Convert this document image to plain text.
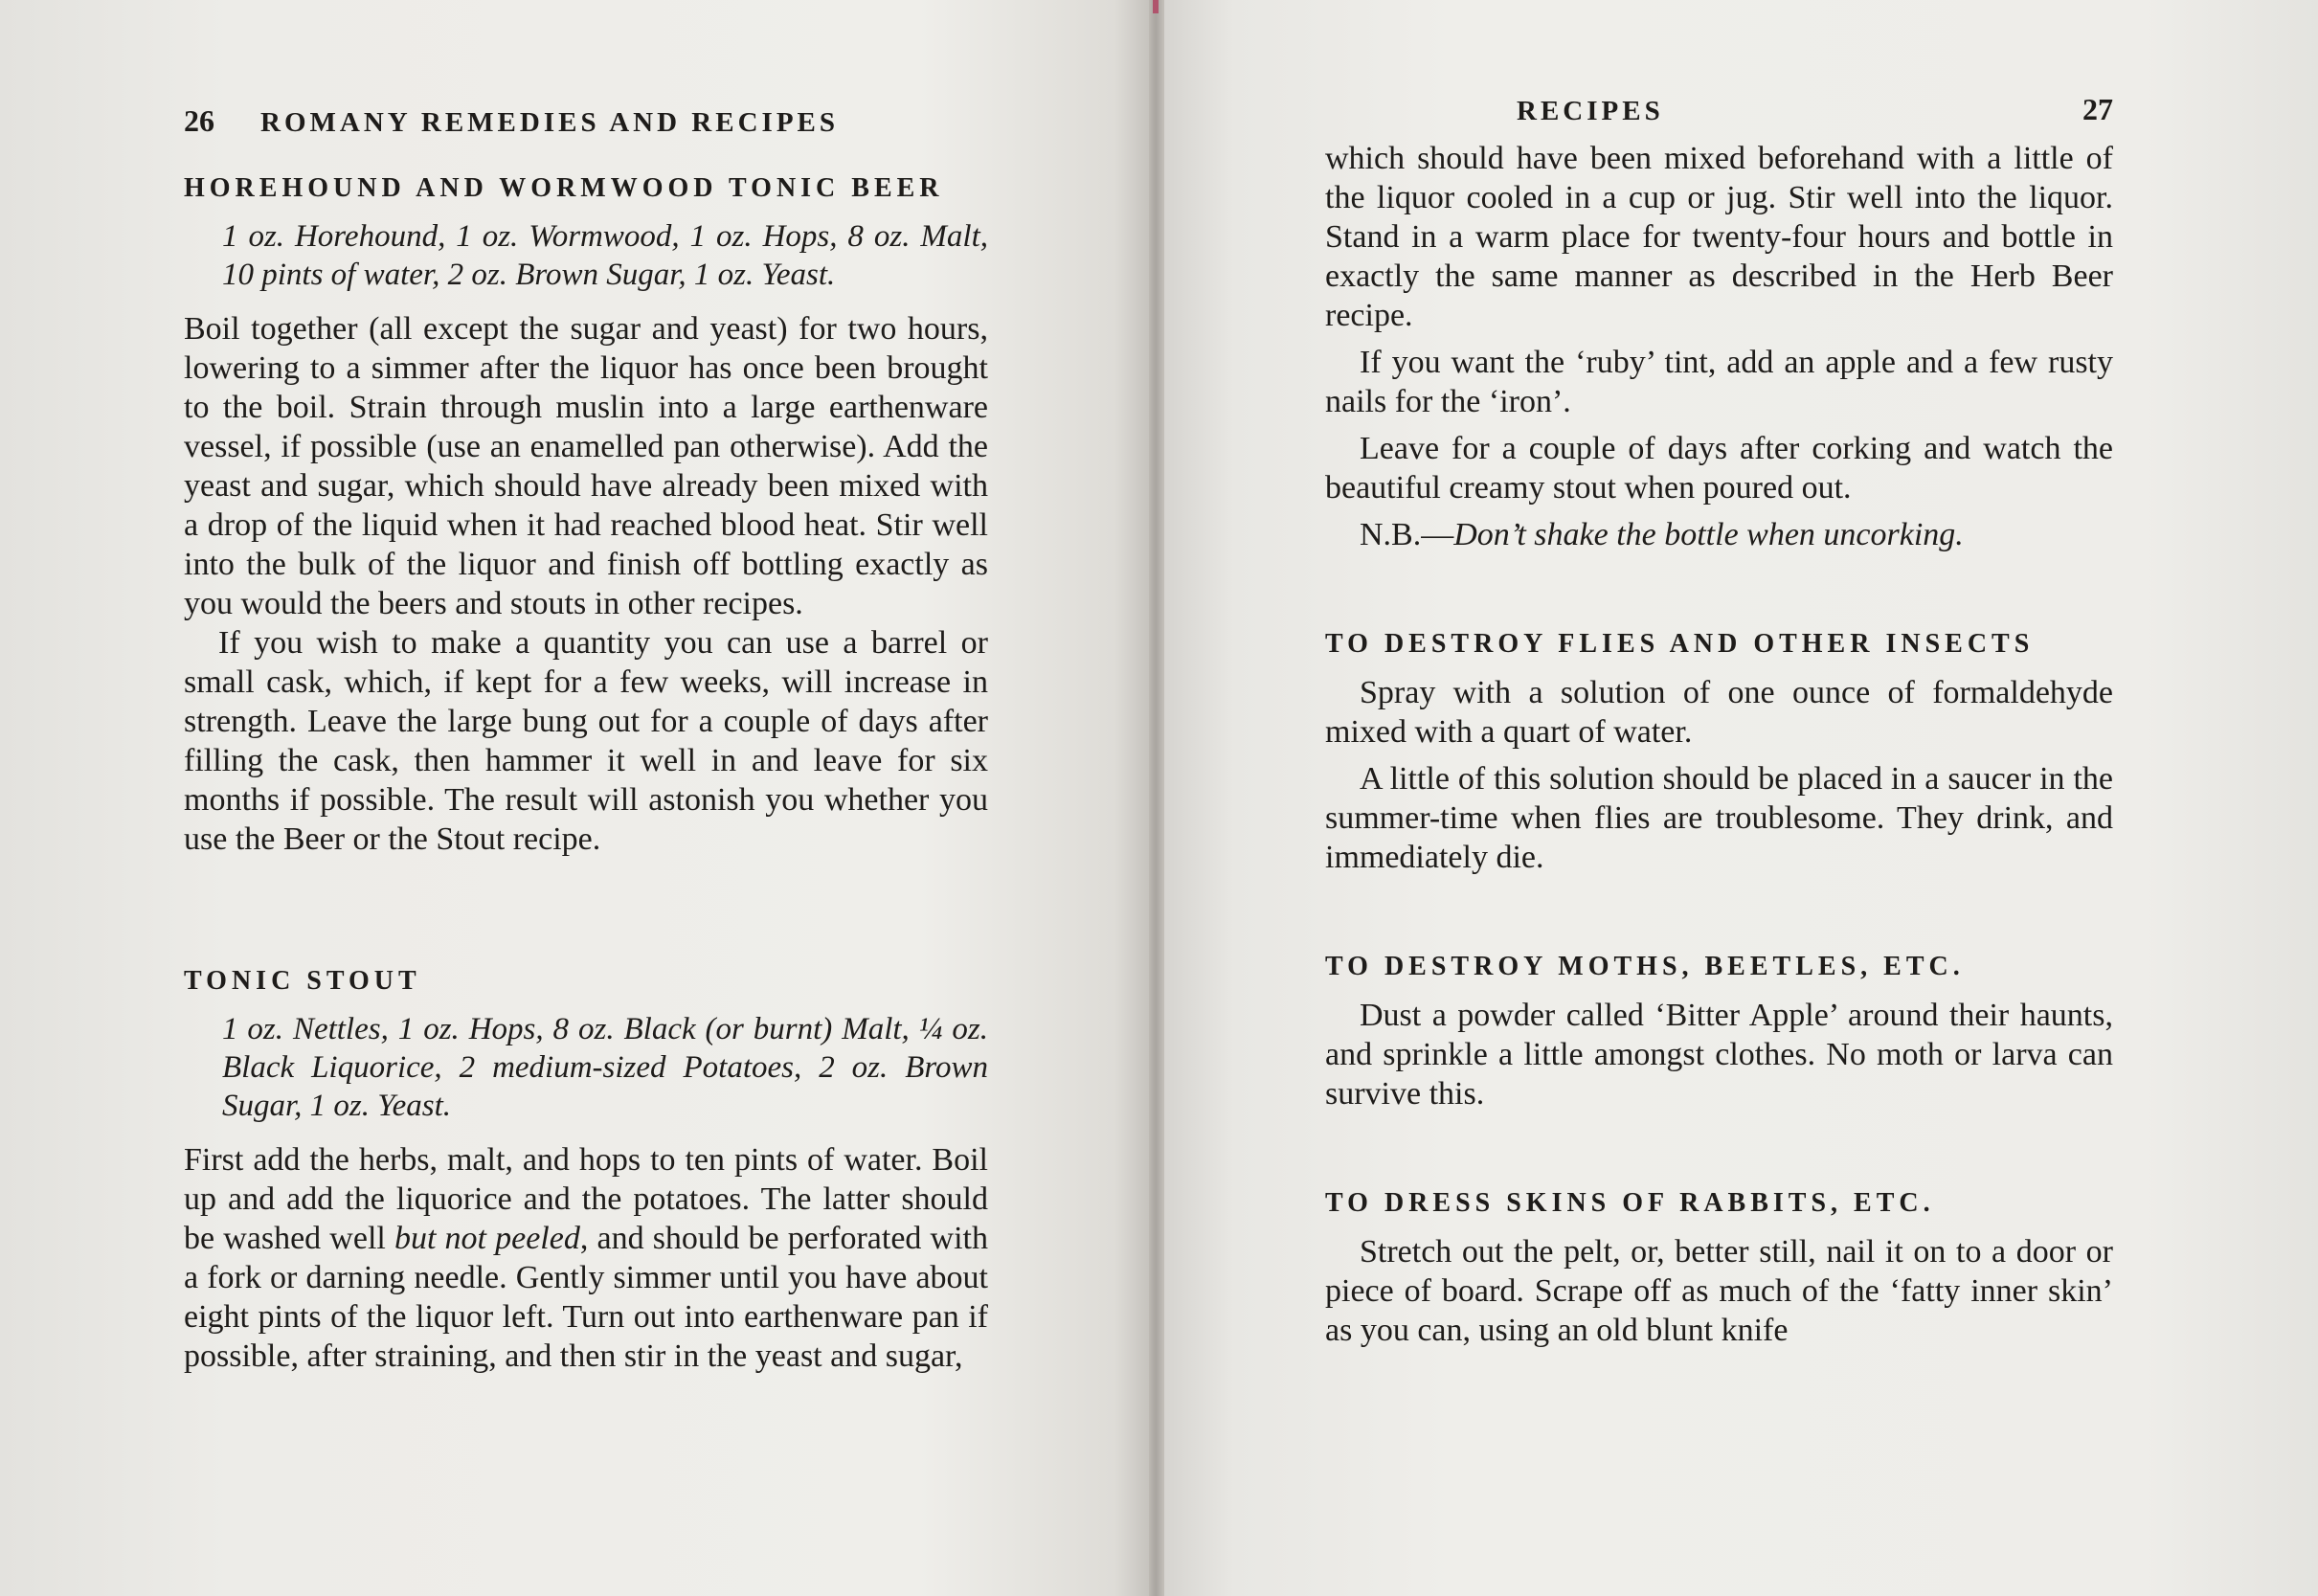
26 ROMANY REMEDIES AND RECIPES
HOREHOUND AND WORMWOOD TONIC BEER
1 oz. Horehound, 1 oz. Wormwood, 1 oz. Hops, 8 oz. Malt, 10 pints of water, 2 oz. Brown Sugar, 1 oz. Yeast.

Boil together (all except the sugar and yeast) for two hours, lowering to a simmer after the liquor has once been brought to the boil. Strain through muslin into a large earthenware vessel, if possible (use an enamelled pan otherwise). Add the yeast and sugar, which should have already been mixed with a drop of the liquid when it had reached blood heat. Stir well into the bulk of the liquor and finish off bottling exactly as you would the beers and stouts in other recipes.

If you wish to make a quantity you can use a barrel or small cask, which, if kept for a few weeks, will increase in strength. Leave the large bung out for a couple of days after filling the cask, then hammer it well in and leave for six months if possible. The result will astonish you whether you use the Beer or the Stout recipe.

TONIC STOUT
1 oz. Nettles, 1 oz. Hops, 8 oz. Black (or burnt) Malt, ¼ oz. Black Liquorice, 2 medium-sized Potatoes, 2 oz. Brown Sugar, 1 oz. Yeast.

First add the herbs, malt, and hops to ten pints of water. Boil up and add the liquorice and the potatoes. The latter should be washed well but not peeled, and should be perforated with a fork or darning needle. Gently simmer until you have about eight pints of the liquor left. Turn out into earthenware pan if possible, after straining, and then stir in the yeast and sugar,

RECIPES	27

which should have been mixed beforehand with a little of the liquor cooled in a cup or jug. Stir well into the liquor. Stand in a warm place for twenty-four hours and bottle in exactly the same manner as described in the Herb Beer recipe.

If you want the ‘ruby’ tint, add an apple and a few rusty nails for the ‘iron’.

Leave for a couple of days after corking and watch the beautiful creamy stout when poured out.

N.B.—Don’t shake the bottle when uncorking.

TO DESTROY FLIES AND OTHER INSECTS

Spray with a solution of one ounce of formaldehyde mixed with a quart of water.

A little of this solution should be placed in a saucer in the summer-time when flies are troublesome. They drink, and immediately die.

TO DESTROY MOTHS, BEETLES, ETC.

Dust a powder called ‘Bitter Apple’ around their haunts, and sprinkle a little amongst clothes. No moth or larva can survive this.

TO DRESS SKINS OF RABBITS, ETC.

Stretch out the pelt, or, better still, nail it on to a door or piece of board. Scrape off as much of the ‘fatty inner skin’ as you can, using an old blunt knife
